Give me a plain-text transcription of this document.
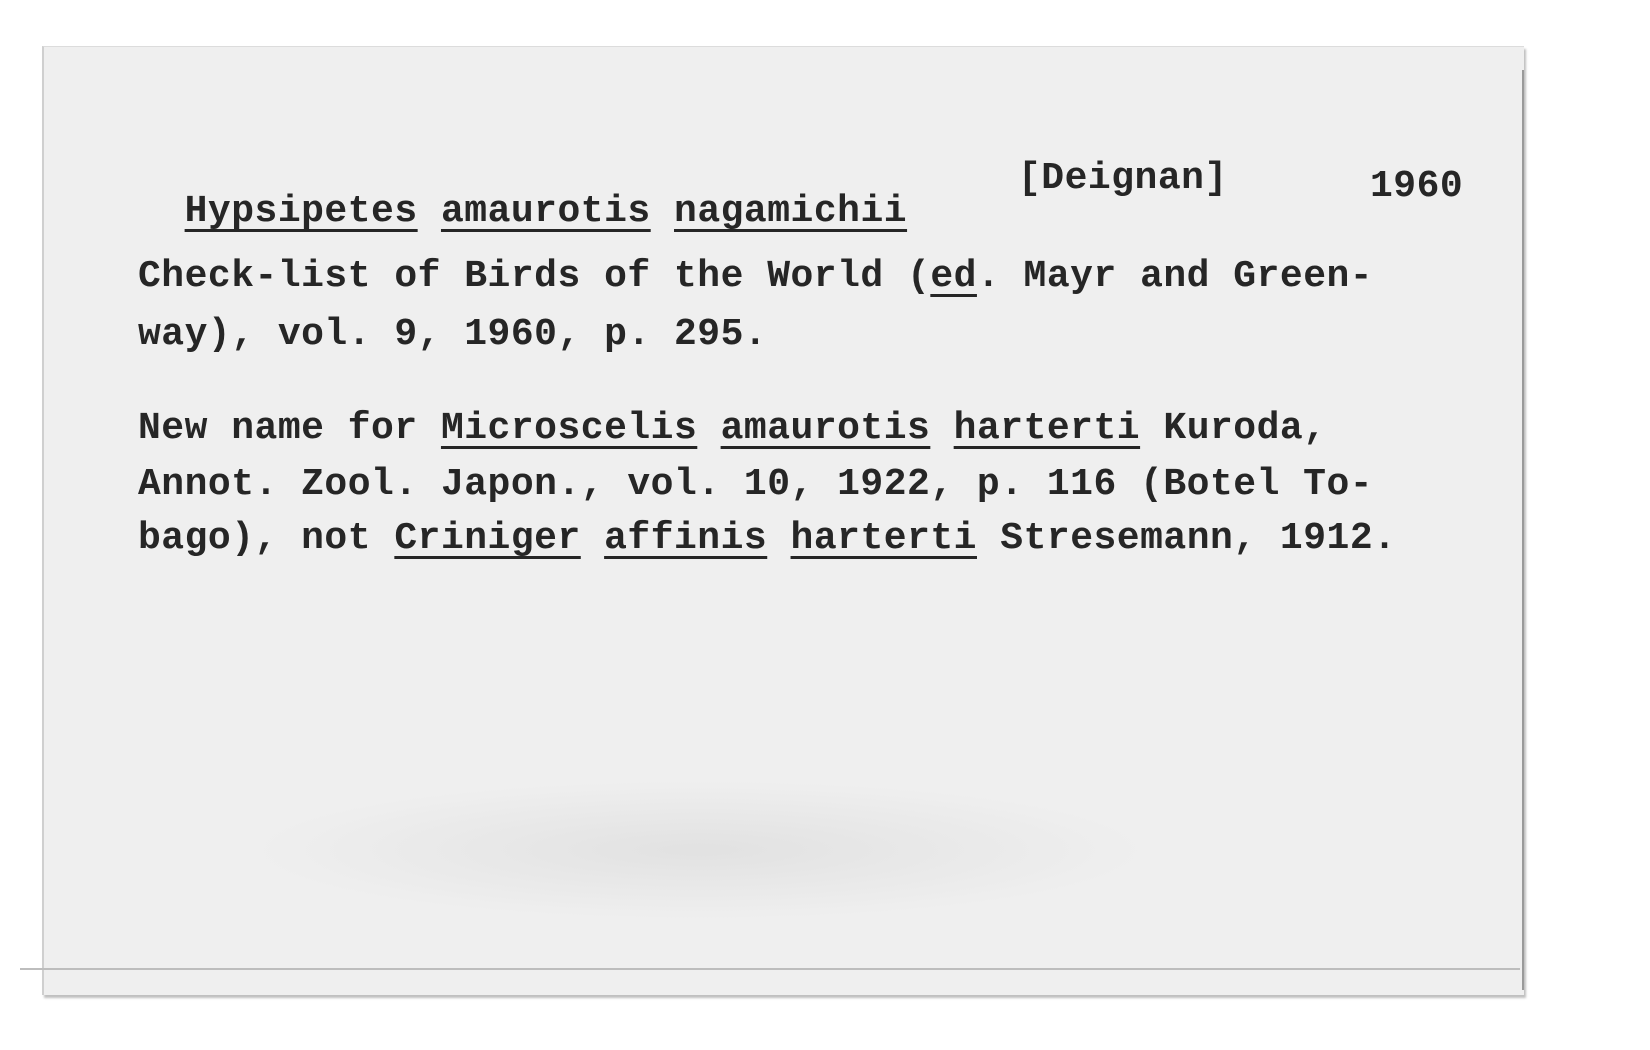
Hypsipetes amaurotis nagamichii

[Deignan]	1960
Check-list of Birds of the World (ed. Mayr and Green-
way), vol. 9, 1960, p. 295.
New name for Microscelis amaurotis harterti Kuroda,
Annot. Zool. Japon., vol. 10, 1922, p. 116 (Botel To-
bago), not Criniger affinis harterti Stresemann, 1912.
